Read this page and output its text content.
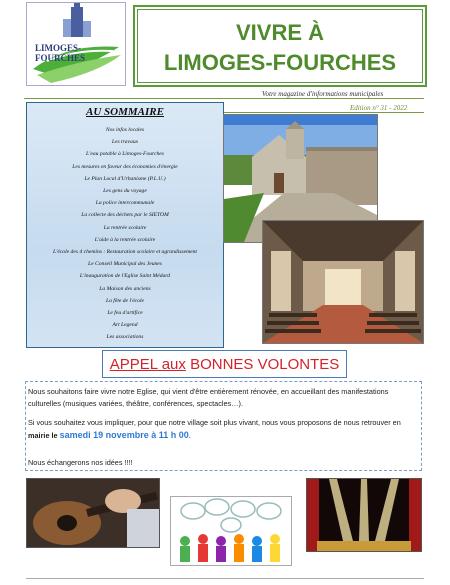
LIMOGES-FOURCHES
VIVRE À
LIMOGES-FOURCHES
Votre magazine d'informations municipales
Edition n° 31 - 2022
AU SOMMAIRE
Nos infos locales
Les travaux
L'eau potable à Limoges-Fourches
Les mesures en faveur des économies d'énergie
Le Plan Local d'Urbanisme (P.L.U.)
Les gens du voyage
La police intercommunale
La collecte des déchets par le SIETOM
La rentrée scolaire
L'aide à la rentrée scolaire
L'école des 4 chemins : Restauration scolaire et agrandissement
Le Conseil Municipal des Jeunes
L'inauguration de l'Eglise Saint Médard
La Maison des anciens
La fête de l'école
Le feu d'artifice
Art Legend
Les associations
APPEL aux BONNES VOLONTES
Nous souhaitons faire vivre notre Eglise, qui vient d'être entièrement rénovée, en accueillant des manifestations culturelles (musiques variées, théâtre, conférences, spectacles…).
Si vous souhaitez vous impliquer, pour que notre village soit plus vivant, nous vous proposons de nous retrouver en mairie le samedi 19 novembre à 11 h 00.
Nous échangerons nos idées !!!!
